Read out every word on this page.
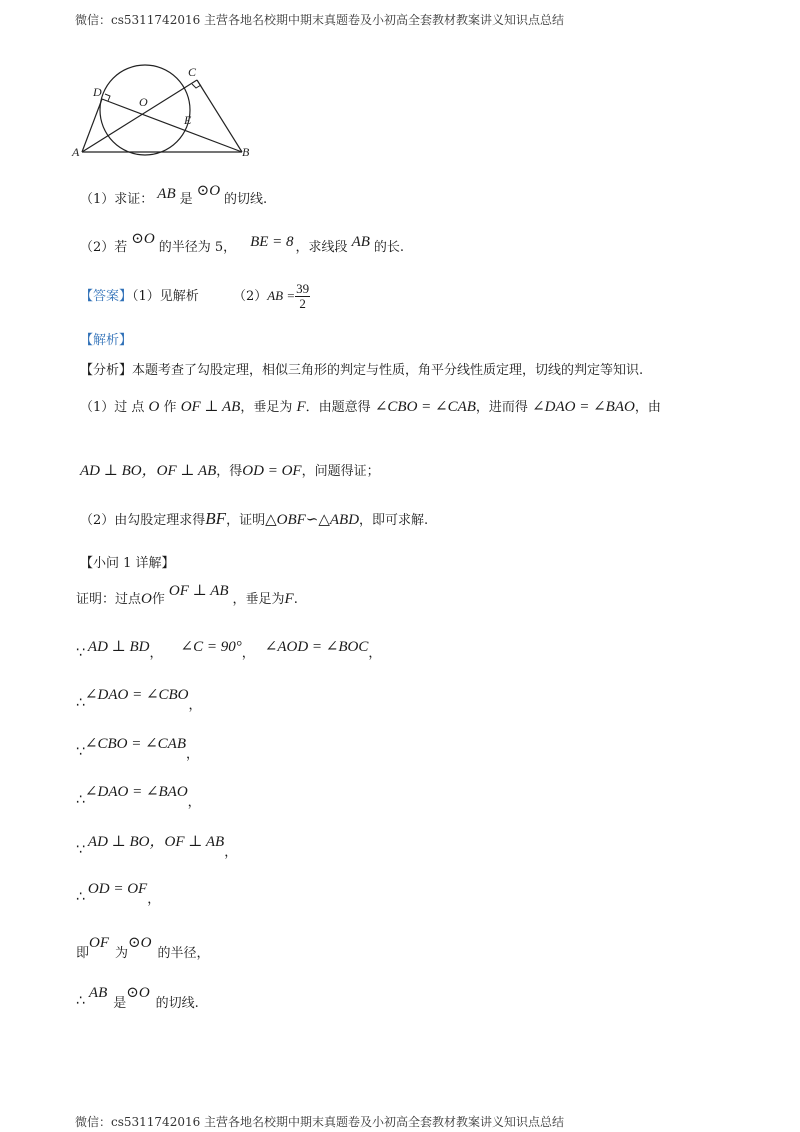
微信：cs5311742016 主营各地名校期中期末真题卷及小初高全套教材教案讲义知识点总结
A	B
C
D
O
E
（1）求证： AB 是⊙O的切线.
（2）若⊙O的半径为 5， BE = 8 ，求线段 AB 的长.
【答案】（1）见解析	$(2)AB = \frac{39}{2}$
【解析】
【分析】本题考查了勾股定理，相似三角形的判定与性质，角平分线性质定理，切线的判定等知识.
（1）过 点 O 作 OF ⊥ AB，垂足为 F．由题意得 ∠CBO = ∠CAB，进而得 ∠DAO = ∠BAO，由
AD ⊥ BO，OF ⊥ AB，得OD = OF，问题得证；
（2）由勾股定理求得BF，证明△OBF∽△ABD，即可求解.
【小问 1 详解】
证明：过点O作OF ⊥ AB，垂足为F.
∵ AD ⊥ BD， ∠C = 90°， ∠AOD = ∠BOC，
∴∠DAO = ∠CBO，
∵∠CBO = ∠CAB，
∴∠DAO = ∠BAO，
∵ AD ⊥ BO，OF ⊥ AB，
∴ OD = OF，
即OF为⊙O的半径，
∴ AB是⊙O的切线.
微信：cs5311742016 主营各地名校期中期末真题卷及小初高全套教材教案讲义知识点总结
